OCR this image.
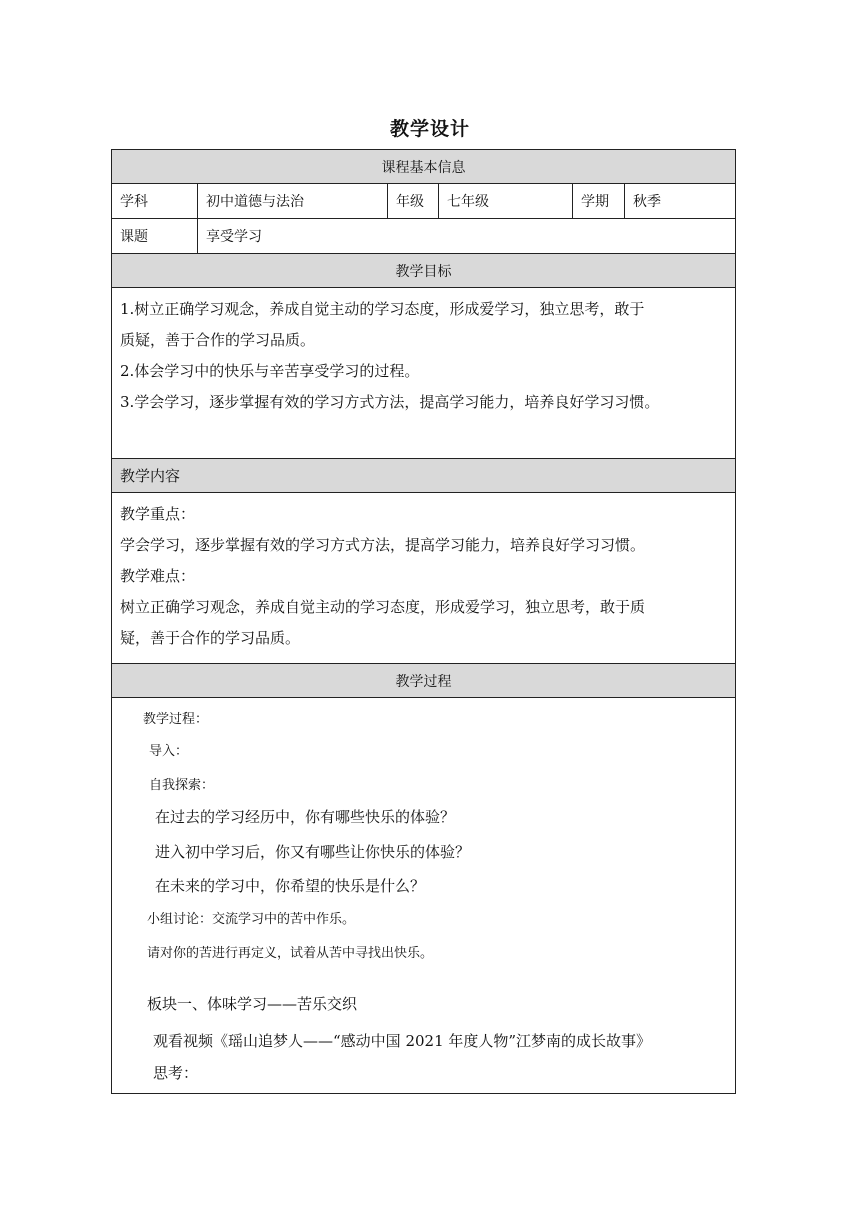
教学设计
课程基本信息
学科	初中道德与法治	年级	七年级	学期	秋季
课题	享受学习
教学目标
1.树立正确学习观念，养成自觉主动的学习态度，形成爱学习，独立思考，敢于
质疑，善于合作的学习品质。
2.体会学习中的快乐与辛苦享受学习的过程。
3.学会学习，逐步掌握有效的学习方式方法，提高学习能力，培养良好学习习惯。
教学内容
教学重点：
学会学习，逐步掌握有效的学习方式方法，提高学习能力，培养良好学习习惯。
教学难点：
树立正确学习观念，养成自觉主动的学习态度，形成爱学习，独立思考，敢于质
疑，善于合作的学习品质。
教学过程
教学过程：
导入：
自我探索：
在过去的学习经历中，你有哪些快乐的体验？
进入初中学习后，你又有哪些让你快乐的体验？
在未来的学习中，你希望的快乐是什么？
小组讨论：交流学习中的苦中作乐。
请对你的苦进行再定义，试着从苦中寻找出快乐。
板块一、体味学习——苦乐交织
观看视频《瑶山追梦人——“感动中国 2021 年度人物”江梦南的成长故事》
思考：
